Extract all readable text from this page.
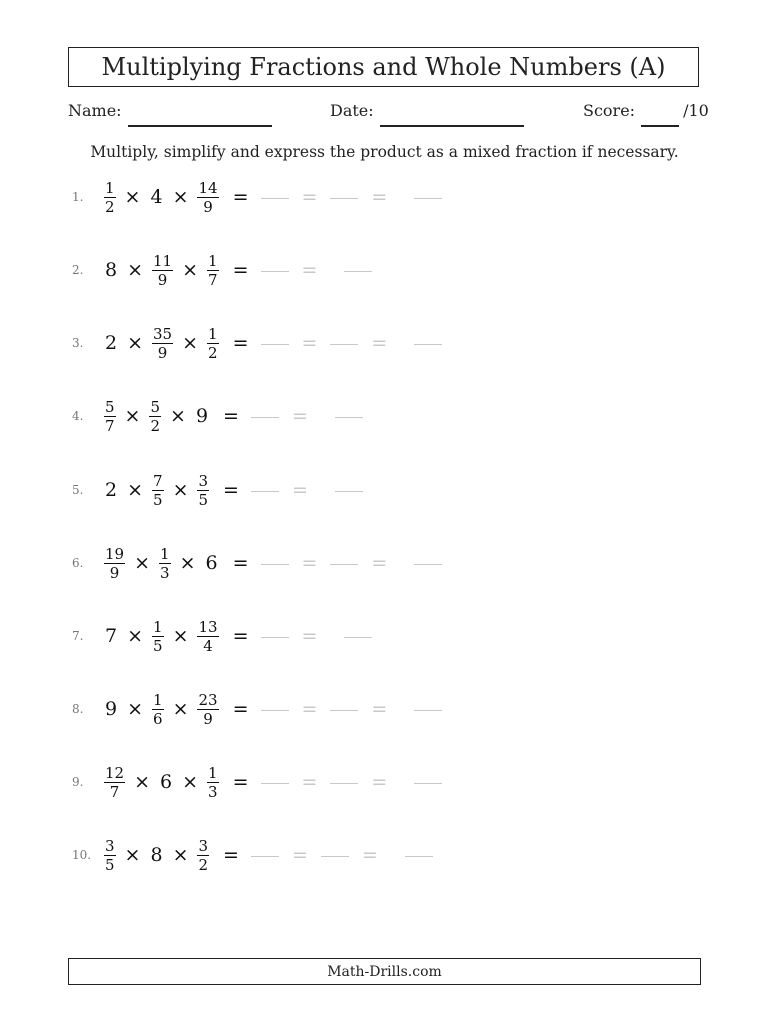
Multiplying Fractions and Whole Numbers (A)
Name:	Date:	Score:	/10
Multiply, simplify and express the product as a mixed fraction if necessary.
1.	$\frac{1}{2} \times 4 \times \frac{14}{9}$ =	=	=
2.	$8 \times \frac{11}{9} \times \frac{1}{7}$ =	=
3.	$2 \times \frac{35}{9} \times \frac{1}{2}$ =	=	=
4.	$\frac{5}{7} \times \frac{5}{2} \times 9$ =	=
5.	$2 \times \frac{7}{5} \times \frac{3}{5}$ =	=
6.	$\frac{19}{9} \times \frac{1}{3} \times 6$ =	=	=
7.	$7 \times \frac{1}{5} \times \frac{13}{4}$ =	=
8.	$9 \times \frac{1}{6} \times \frac{23}{9}$ =	=	=
9.	$\frac{12}{7} \times 6 \times \frac{1}{3}$ =	=	=
10. $\frac{3}{5} \times 8 \times \frac{3}{2}$ =	=	=
Math-Drills.com
